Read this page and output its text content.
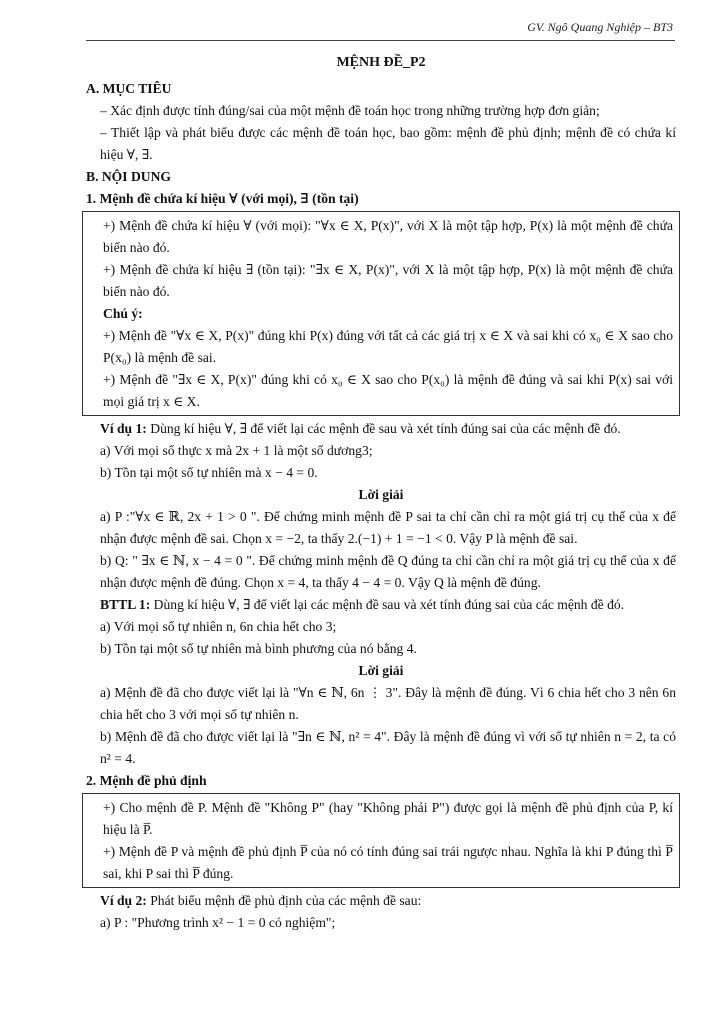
GV. Ngô Quang Nghiệp – BT3

MỆNH ĐỀ_P2

A. MỤC TIÊU

– Xác định được tính đúng/sai của một mệnh đề toán học trong những trường hợp đơn giản;

– Thiết lập và phát biểu được các mệnh đề toán học, bao gồm: mệnh đề phủ định; mệnh đề có chứa kí hiệu ∀, ∃.

B. NỘI DUNG

1. Mệnh đề chứa kí hiệu ∀ (với mọi), ∃ (tồn tại)

+) Mệnh đề chứa kí hiệu ∀ (với mọi): "∀x ∈ X, P(x)", với X là một tập hợp, P(x) là một mệnh đề chứa biến nào đó.

+) Mệnh đề chứa kí hiệu ∃ (tồn tại): "∃x ∈ X, P(x)", với X là một tập hợp, P(x) là một mệnh đề chứa biến nào đó.

Chú ý:

+) Mệnh đề "∀x ∈ X, P(x)" đúng khi P(x) đúng với tất cả các giá trị x ∈ X và sai khi có x₀ ∈ X sao cho P(x₀) là mệnh đề sai.

+) Mệnh đề "∃x ∈ X, P(x)" đúng khi có x₀ ∈ X sao cho P(x₀) là mệnh đề đúng và sai khi P(x) sai với mọi giá trị x ∈ X.

Ví dụ 1: Dùng kí hiệu ∀, ∃ để viết lại các mệnh đề sau và xét tính đúng sai của các mệnh đề đó.

a) Với mọi số thực x mà 2x + 1 là một số dương3;

b) Tồn tại một số tự nhiên mà x − 4 = 0.

Lời giải

a) P :"∀x ∈ ℝ, 2x + 1 > 0 ". Để chứng minh mệnh đề P sai ta chỉ cần chỉ ra một giá trị cụ thể của x để nhận được mệnh đề sai. Chọn x = −2, ta thấy 2.(−1) + 1 = −1 < 0. Vậy P là mệnh đề sai.

b) Q: " ∃x ∈ ℕ, x − 4 = 0 ". Để chứng minh mệnh đề Q đúng ta chỉ cần chỉ ra một giá trị cụ thể của x để nhận được mệnh đề đúng. Chọn x = 4, ta thấy 4 − 4 = 0. Vậy Q là mệnh đề đúng.

BTTL 1: Dùng kí hiệu ∀, ∃ để viết lại các mệnh đề sau và xét tính đúng sai của các mệnh đề đó.

a) Với mọi số tự nhiên n, 6n chia hết cho 3;

b) Tồn tại một số tự nhiên mà bình phương của nó bằng 4.

Lời giải

a) Mệnh đề đã cho được viết lại là "∀n ∈ ℕ, 6n ⋮ 3". Đây là mệnh đề đúng. Vì 6 chia hết cho 3 nên 6n chia hết cho 3 với mọi số tự nhiên n.

b) Mệnh đề đã cho được viết lại là "∃n ∈ ℕ, n² = 4". Đây là mệnh đề đúng vì với số tự nhiên n = 2, ta có n² = 4.

2. Mệnh đề phủ định

+) Cho mệnh đề P. Mệnh đề "Không P" (hay "Không phải P") được gọi là mệnh đề phủ định của P, kí hiệu là P̅.

+) Mệnh đề P và mệnh đề phủ định P̅ của nó có tính đúng sai trái ngược nhau. Nghĩa là khi P đúng thì P̅ sai, khi P sai thì P̅ đúng.

Ví dụ 2: Phát biểu mệnh đề phủ định của các mệnh đề sau:

a) P : "Phương trình x² − 1 = 0 có nghiệm";
